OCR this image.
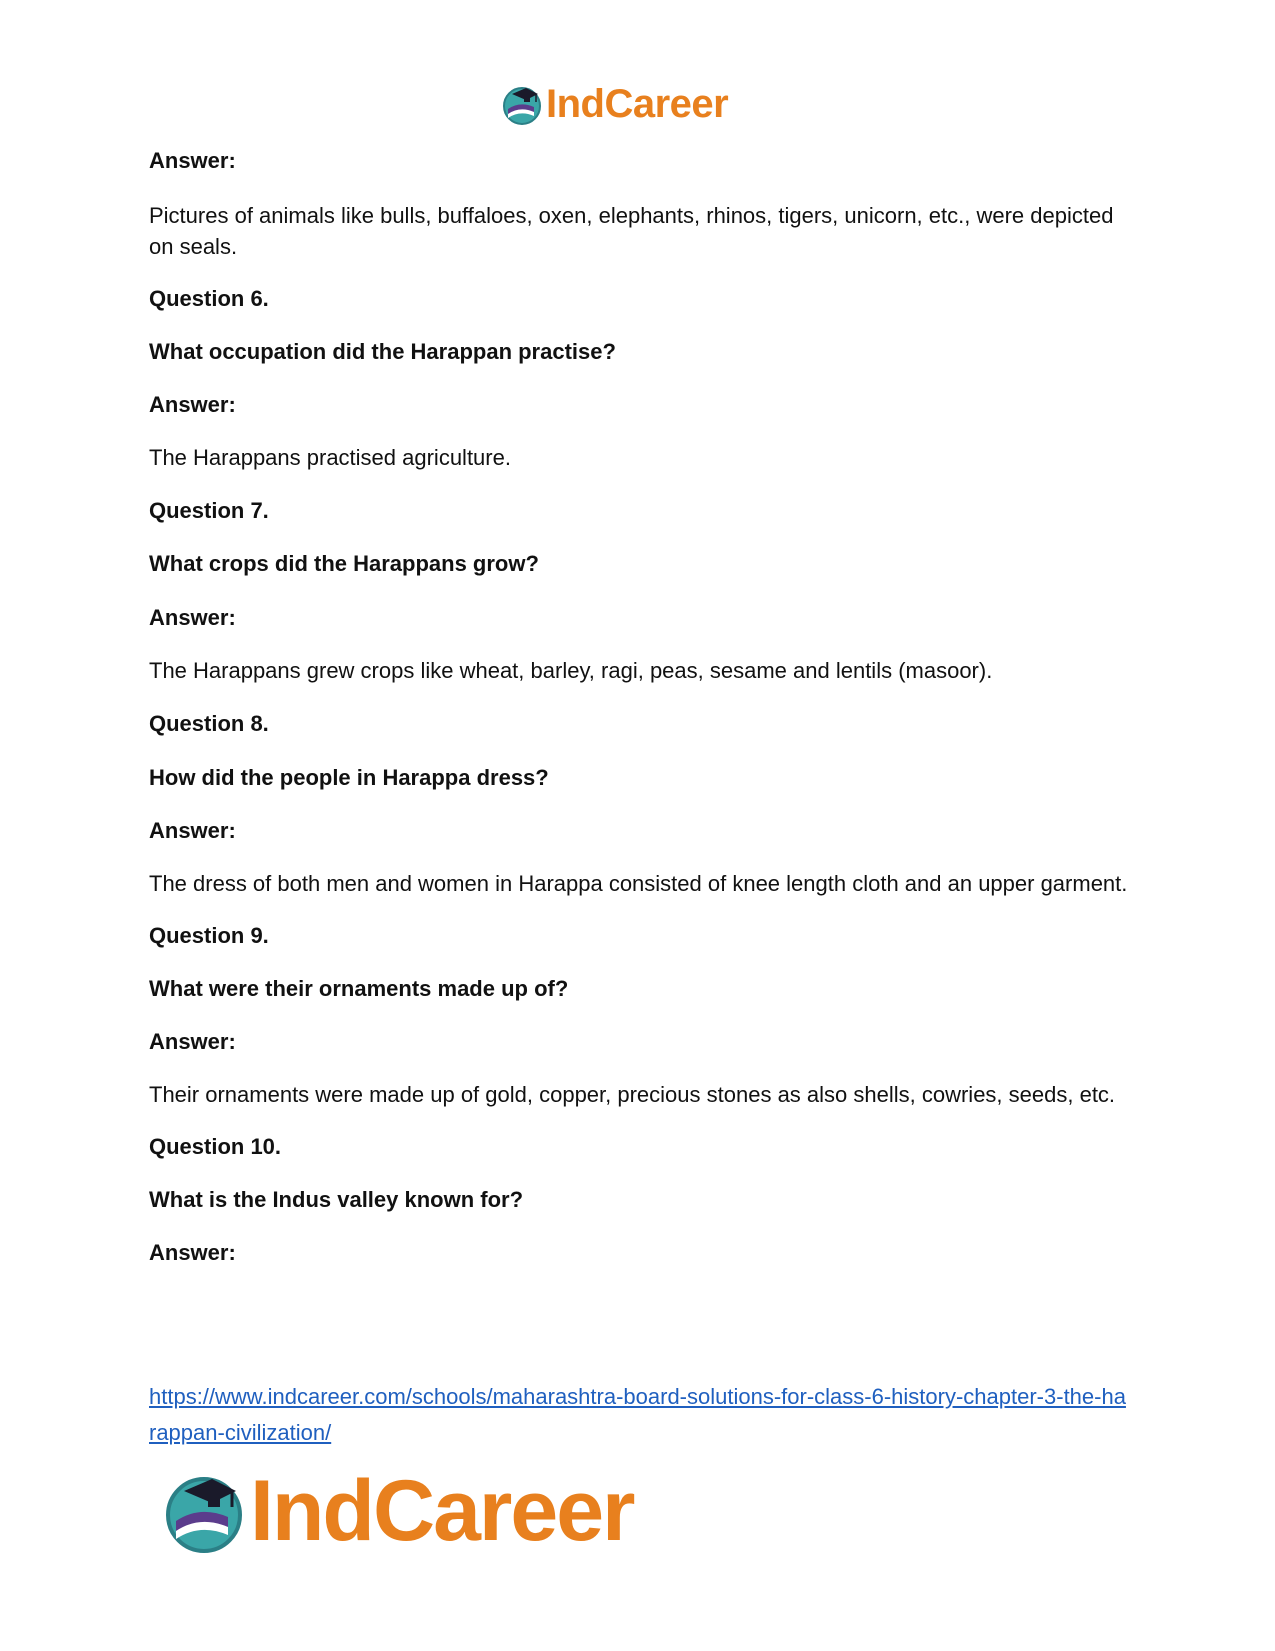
IndCareer

Answer:

Pictures of animals like bulls, buffaloes, oxen, elephants, rhinos, tigers, unicorn, etc., were depicted on seals.

Question 6.

What occupation did the Harappan practise?

Answer:

The Harappans practised agriculture.

Question 7.

What crops did the Harappans grow?

Answer:

The Harappans grew crops like wheat, barley, ragi, peas, sesame and lentils (masoor).

Question 8.

How did the people in Harappa dress?

Answer:

The dress of both men and women in Harappa consisted of knee length cloth and an upper garment.

Question 9.

What were their ornaments made up of?

Answer:

Their ornaments were made up of gold, copper, precious stones as also shells, cowries, seeds, etc.

Question 10.

What is the Indus valley known for?

Answer:

https://www.indcareer.com/schools/maharashtra-board-solutions-for-class-6-history-chapter-3-the-harappan-civilization/
IndCareer
